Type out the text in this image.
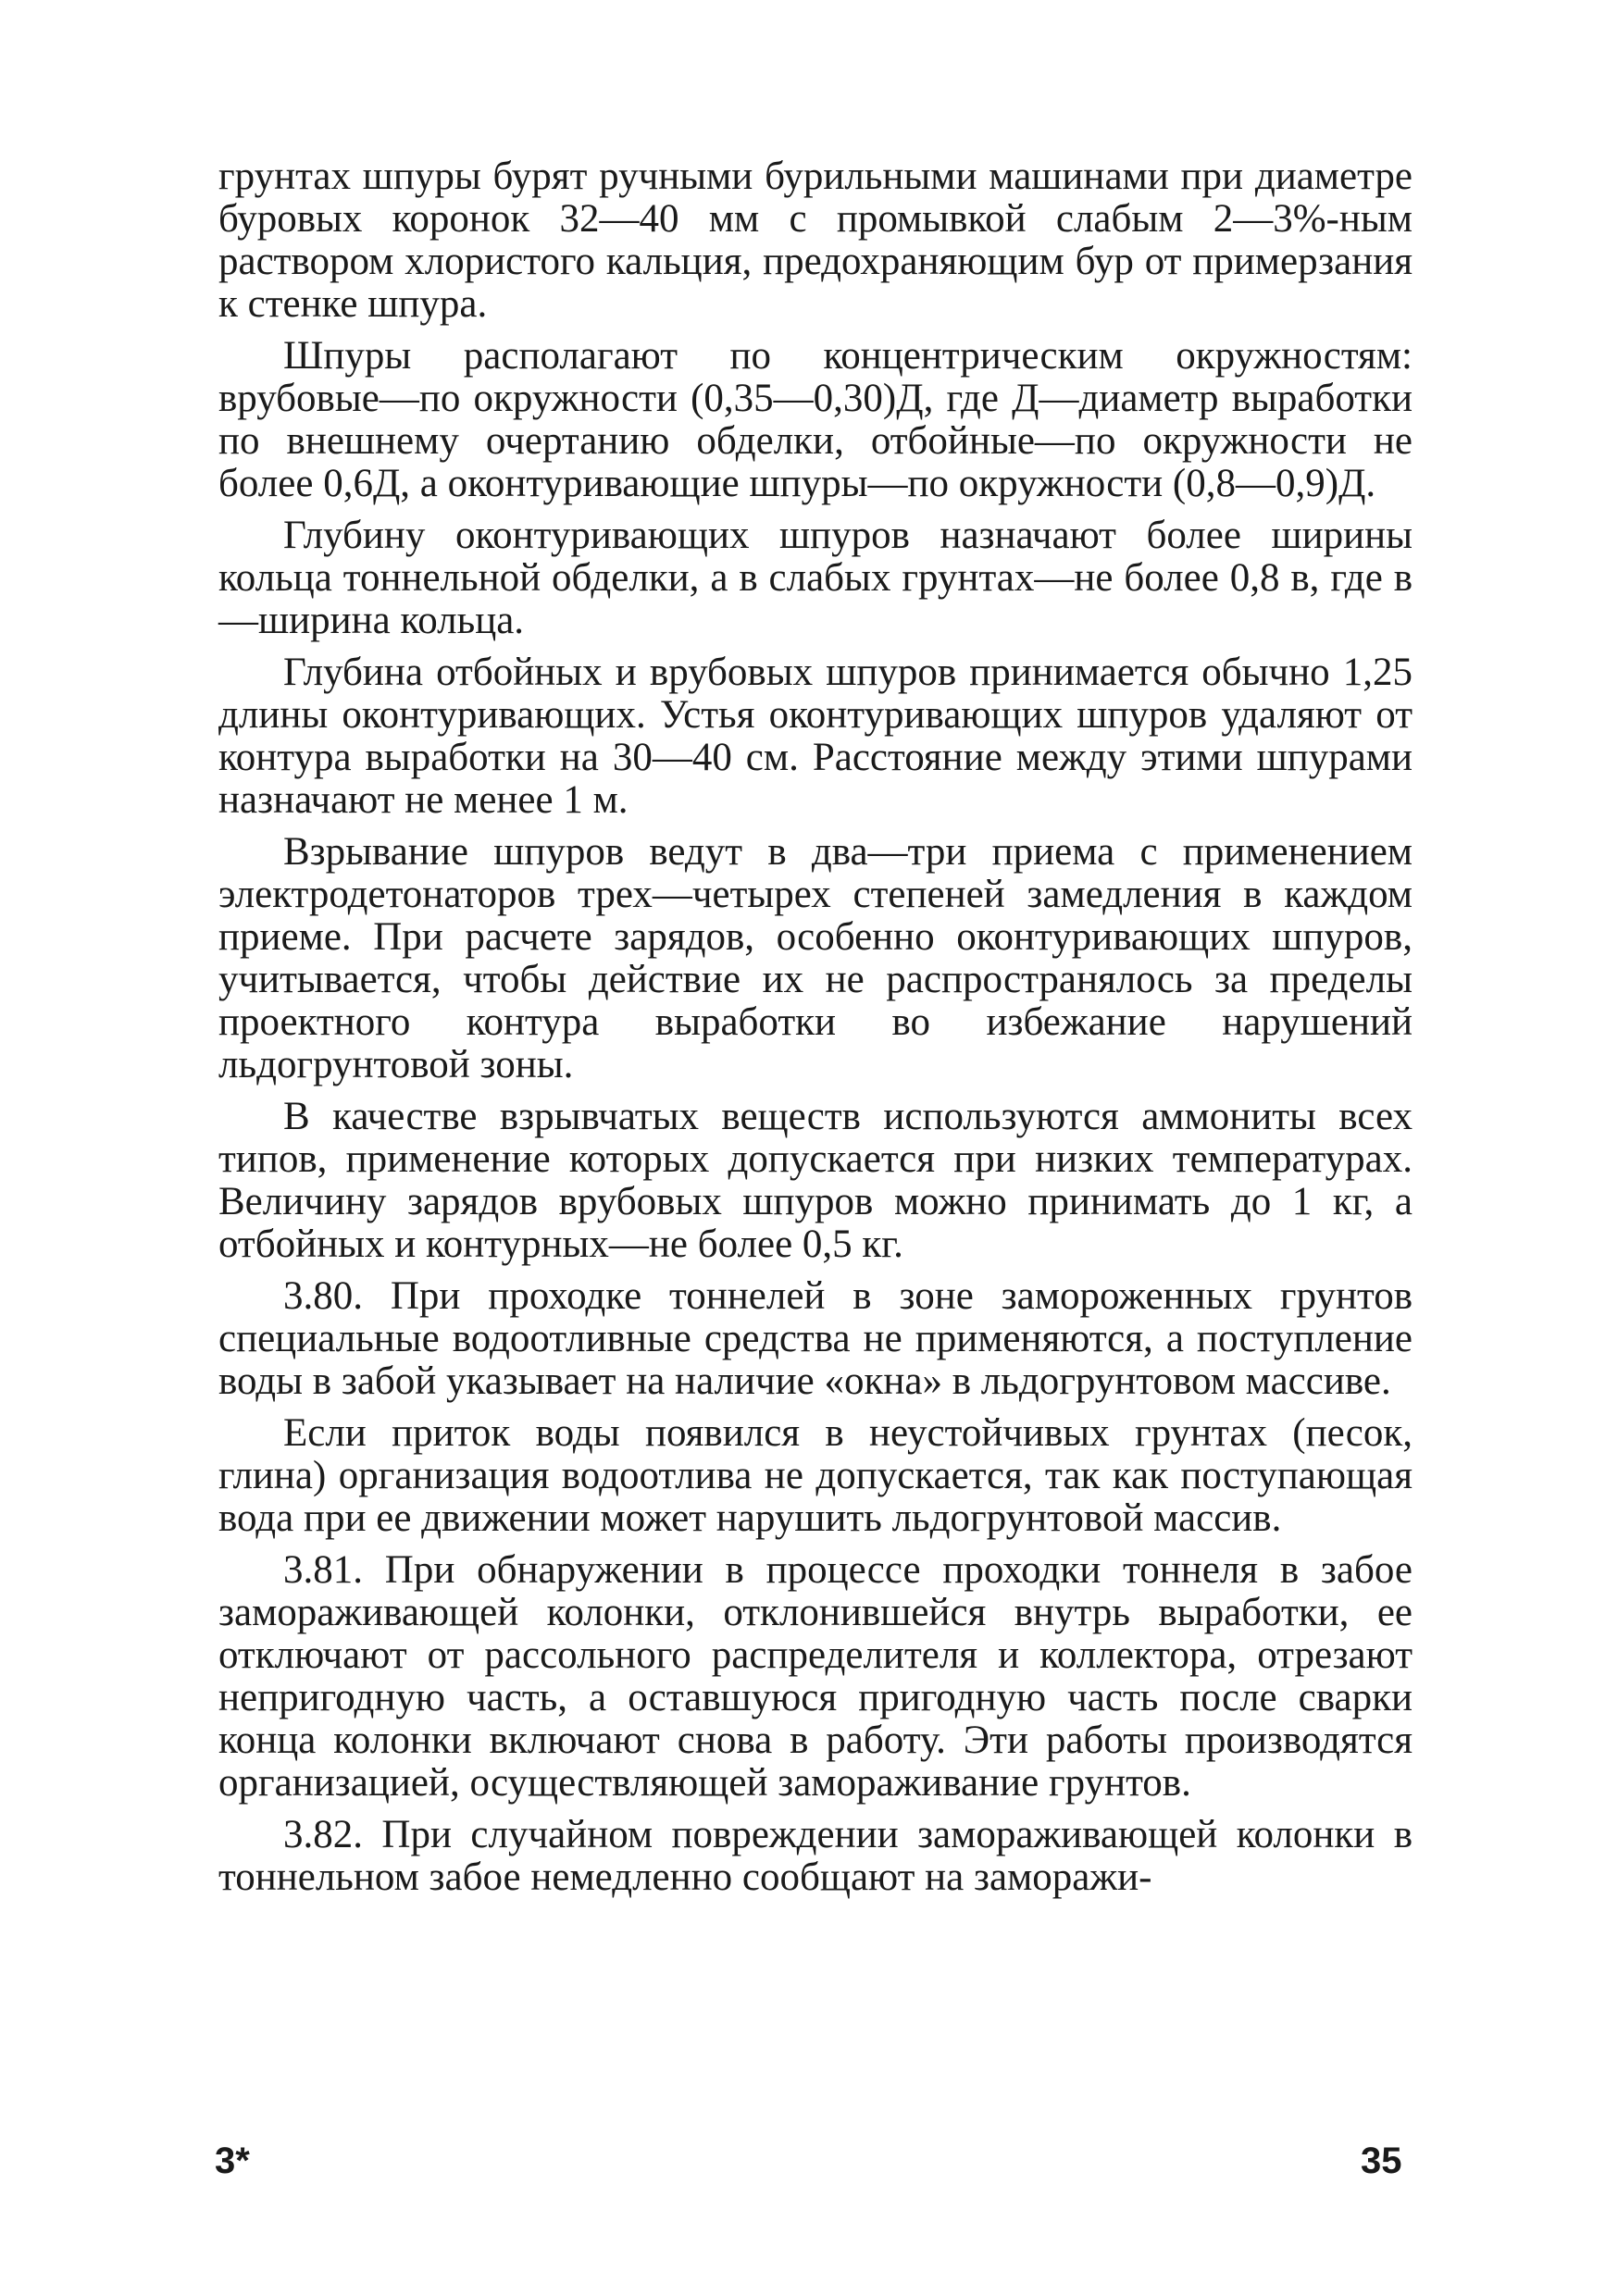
грунтах шпуры бурят ручными бурильными машинами при диаметре буровых коронок 32—40 мм с промывкой слабым 2—3%-ным раствором хлористого кальция, предохраняющим бур от примерзания к стенке шпура.

Шпуры располагают по концентрическим окружностям: врубовые—по окружности (0,35—0,30)Д, где Д—диаметр выработки по внешнему очертанию обделки, отбойные—по окружности не более 0,6Д, а оконтуривающие шпуры—по окружности (0,8—0,9)Д.

Глубину оконтуривающих шпуров назначают более ширины кольца тоннельной обделки, а в слабых грунтах—не более 0,8 в, где в—ширина кольца.

Глубина отбойных и врубовых шпуров принимается обычно 1,25 длины оконтуривающих. Устья оконтуривающих шпуров удаляют от контура выработки на 30—40 см. Расстояние между этими шпурами назначают не менее 1 м.

Взрывание шпуров ведут в два—три приема с применением электродетонаторов трех—четырех степеней замедления в каждом приеме. При расчете зарядов, особенно оконтуривающих шпуров, учитывается, чтобы действие их не распространялось за пределы проектного контура выработки во избежание нарушений льдогрунтовой зоны.

В качестве взрывчатых веществ используются аммониты всех типов, применение которых допускается при низких температурах. Величину зарядов врубовых шпуров можно принимать до 1 кг, а отбойных и контурных—не более 0,5 кг.

3.80. При проходке тоннелей в зоне замороженных грунтов специальные водоотливные средства не применяются, а поступление воды в забой указывает на наличие «окна» в льдогрунтовом массиве.

Если приток воды появился в неустойчивых грунтах (песок, глина) организация водоотлива не допускается, так как поступающая вода при ее движении может нарушить льдогрунтовой массив.

3.81. При обнаружении в процессе проходки тоннеля в забое замораживающей колонки, отклонившейся внутрь выработки, ее отключают от рассольного распределителя и коллектора, отрезают непригодную часть, а оставшуюся пригодную часть после сварки конца колонки включают снова в работу. Эти работы производятся организацией, осуществляющей замораживание грунтов.

3.82. При случайном повреждении замораживающей колонки в тоннельном забое немедленно сообщают на заморажи-

3*	35
